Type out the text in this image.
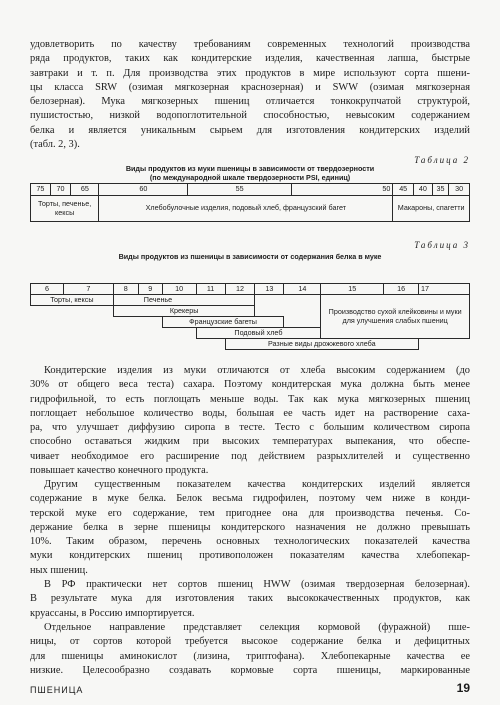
удовлетворить по качеству требованиям современных технологий производства
ряда продуктов, таких как кондитерские изделия, качественная лапша, быстрые
завтраки и т. п. Для производства этих продуктов в мире используют сорта пшени-
цы класса SRW (озимая мягкозерная краснозерная) и SWW (озимая мягкозерная
белозерная). Мука мягкозерных пшениц отличается тонкокрупчатой структурой,
пушистостью, низкой водопоглотительной способностью, невысоким содержанием
белка и является уникальным сырьем для изготовления кондитерских изделий
(табл. 2, 3).
Таблица 2
Виды продуктов из муки пшеницы в зависимости от твердозерности
(по международной шкале твердозерности PSI, единиц)
75	70	65	60	55	50	45	40	35	30
Торты, печенье, кексы			Хлебобулочные изделия, подовый хлеб, французский багет			Макароны, спагетти			
Таблица 3
Виды продуктов из пшеницы в зависимости от содержания белка в муке

6	7	8	9	10	11	12	13	14	15	16	17
Торты, кексы		Печенье							Производство сухой клейковины и муки для улучшения слабых пшениц		
		Крекеры									
				Французские багеты							
					Подовый хлеб						
						Разные виды дрожжевого хлеба					
Кондитерские изделия из муки отличаются от хлеба высоким содержанием (до
30% от общего веса теста) сахара. Поэтому кондитерская мука должна быть менее
гидрофильной, то есть поглощать меньше воды. Так как мука мягкозерных пшениц
поглощает небольшое количество воды, большая ее часть идет на растворение саха-
ра, что улучшает диффузию сиропа в тесте. Тесто с большим количеством сиропа
способно оставаться жидким при высоких температурах выпекания, что обеспе-
чивает необходимое его расширение под действием разрыхлителей и существенно
повышает качество конечного продукта.
Другим существенным показателем качества кондитерских изделий является
содержание в муке белка. Белок весьма гидрофилен, поэтому чем ниже в конди-
терской муке его содержание, тем пригоднее она для производства печенья. Со-
держание белка в зерне пшеницы кондитерского назначения не должно превышать
10%. Таким образом, перечень основных технологических показателей качества
муки кондитерских пшениц противоположен показателям качества хлебопекар-
ных пшениц.
В РФ практически нет сортов пшениц HWW (озимая твердозерная белозерная).
В результате мука для изготовления таких высококачественных продуктов, как
круассаны, в Россию импортируется.
Отдельное направление представляет селекция кормовой (фуражной) пше-
ницы, от сортов которой требуется высокое содержание белка и дефицитных
для пшеницы аминокислот (лизина, триптофана). Хлебопекарные качества ее
низкие. Целесообразно создавать кормовые сорта пшеницы, маркированные
ПШЕНИЦА	19
